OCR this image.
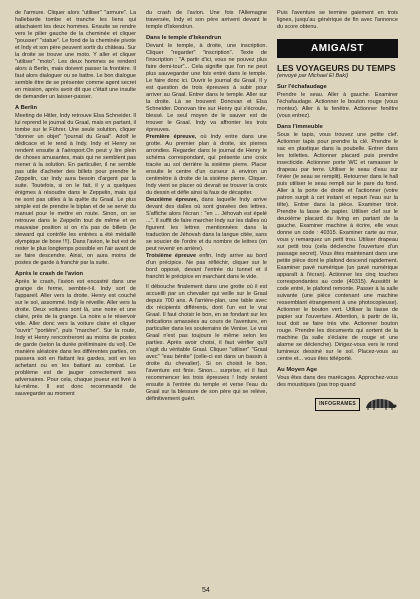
de l'armure. Cliquer alors "utiliser" "armure". La hallebarde tombe et tranche les liens qui attachaient les deux hommes. Ensuite se rendre vers le pilier gauche de la cheminée et cliquer "pousser" "statue". Le fond de la cheminée pivote et Indy et son père peuvent sortir du château. Sur la droite se trouve une moto. Y aller et cliquer "utiliser" "moto". Les deux hommes se rendent alors à Berlin, mais doivent passer la frontière. Il faut alors dialoguer ou se battre. Le bon dialogue semble être de se présenter comme agent secret en mission, après avoir dit que c'était une insulte de demander un laisser-passer.

A Berlin

Meeting de Hitler, Indy retrouve Elsa Schneider. Il lui reprend le journal du Graal, mais en partant, il tombe sur le Führer. Une seule solution, cliquer "donner un objet" "journal du Graal". Adolf le dédicace et le rend à Indy. Indy et Henry se rendent ensuite à l'aéroport.On peut y lire plein de choses amusantes, mais qui ne semblent pas mener à la solution. En particulier, il ne semble pas utile d'acheter des billets pour prendre le Zeppelin, car Indy aura besoin d'argent par la suite. Toutefois, si on le fait, il y a quelques énigmes à résoudre dans le Zeppelin, mais qui ne sont pas utiles à la quête du Graal. Le plus simple est de prendre le biplan et de se servir du manuel pour le mettre en route. Sinon, on se retrouve dans le Zeppelin tout de même et en mauvaise position si on n'a pas de billets (le steward qui contrôle les entrées a été médaillé olympique de boxe !!!). Dans l'avion, le but est de rester le plus longtemps possible en l'air avant de se faire descendre. Ainsi, on aura moins de postes de garde à franchir par la suite.

Après le crash de l'avion

Après le crash, l'avion est encastré dans une grange de ferme, sembte-t-il. Indy sort de l'appareil. Aller vers la droite. Henry est couché sur le sol, assommé. Indy le réveille. Aller vers la droite. Deux voitures sont là, une noire et une claire, près de la grange. La noire a le réservoir vide. Aller donc vers la voiture claire et cliquer "ouvrir" "portière", puis "marcher". Sur la route, Indy et Henry rencontreront au moins de postes de garde (selon la durée préliminaire du vol). De manière aléatoire dans les différentes parties, on passera soit en flattant les gardes, soit en les achetant ou en les battant au combat. Le problème est de jauger correctement ses adversaires. Pour cela, chaque joueur est livré à lui-même. Il est donc recommandé de sauvegarder au moment

du crash de l'avion. Une fois l'Allemagne traversée, Indy et son père arrivent devant le temple d'Iskendrun.

Dans le temple d'Iskendrun

Devant le temple, à droite, une inscription. Cliquer "regarder" "inscription". Texte de l'inscription : "A partir d'ici, vous ne pouvez plus faire demi-tour"... Cela signifie que l'on ne peut plus sauvegarder une fois entré dans le temple. Le faire donc ici. Ouvrir le journal du Graal. Il y est question de trois épreuves à subir pour arriver au Graal. Entrer dans le temple. Aller sur la droite. Là se trouvent Donovan et Elsa Schneider. Donovan tire sur Henry qui s'écroule, blessé. Le seul moyen de le sauver est de trouver le Graal. Indy va affronter les trois épreuves.

Première épreuve, où Indy entre dans une grotte. Au premier plan à droite, six pierres arrondies. Regarder dans le journal de Henry le schéma correspondant, qui présente une croix tracée au sol derrière la sixième pierre. Placer ensuite le centre d'un curseur à environ un centimètre à droite de la sixième pierre. Cliquer. Indy vient se placer où devrait se trouver la croix du dessin et défie ainsi la faux de décapiter.

Deuxième épreuve, dans laquelle Indy arrive devant des dalles où sont gravées des lettres. S'affiche alors l'écran : "en ... Jéhovah est épelé ...". Il suffit de faire marcher Indy sur les dalles où figurent les lettres mentionnées dans la traduction de Jéhovah dans la langue citée, sans se soucier de l'ordre et du nombre de lettres (on peut revenir en arrière).

Troisième épreuve enfin, Indy arrive au bord d'un précipice. Ne pas réfléchir, cliquer sur le bord opposé, devant l'entrée du tunnel et il franchit le précipice en marchant dans le vide.

Il débouche finalement dans une grotte où il est accueilli par un chevalier qui veille sur le Graal depuis 700 ans. A l'arrière-plan, une table avec dix récipients différents, dont l'un est le vrai Graal. Il faut choisir le bon, en se fondant sur les indications amassées au cours de l'aventure, en particulier dans les souterrains de Venise. Le vrai Graal n'est pas toujours le même selon les parties. Après avoir choisi, il faut vérifier qu'il s'agit du véritable Graal. Cliquer "utiliser" "Graal avec" "eau bénite" (celle-ci est dans un bassin à droite du chevalier). Si on choisit le bon, l'aventure est finie. Sinon... surprise, et il faut recommencer les trois épreuves ! Indy revient ensuite à l'entrée du temple et verse l'eau du Graal sur la blessure de son père qui se relève, définitivement guéri.

Puis l'aventure se termine gaiement en trois lignes, jusqu'au générique de fin avec l'annonce du score obtenu.

AMIGA/ST

LES VOYAGEURS DU TEMPS

(envoyé par Michael El Baki)

Sur l'échafaudage

Prendre le seau. Aller à gauche. Examiner l'échafaudage. Actionner le bouton rouge (vous montez). Aller à la fenêtre. Actionner fenêtre (vous entrez).

Dans l'immeuble

Sous le tapis, vous trouvez une petite clef. Actionner tapis pour prendre la clé. Prendre le sac en plastique dans la poubelle. Entrer dans les toilettes. Actionner placard puis prendre insecticide. Actionner porte WC et ramasser le drapeau par terre. Utiliser le seau d'eau sur l'évier (le seau se remplit). Retourner dans le hall puis utiliser le seau rempli sur le pare du fond. Aller à la porte de droite et l'actionner (votre patron surgit à cet instant et repart l'eau sur la tête). Entrer dans la pièce. Examiner tiroir. Prendre la lasse de papier. Utiliser clef sur le deuxième placard du living en partant de la gauche. Examiner machine à écrire, elle vous donne un code : 40315. Examiner carte au mur, vous y remarquez un petit trou. Utiliser drapeau sur petit trou (cela déclenche l'ouverture d'un passage secret). Vous êtes maintenant dans une petite pièce dont le plafond descend rapidement. Examiner pavé numérique (un pavé numérique apparaît à l'écran). Actionner les cinq touches correspondantes au code (40315). Aussitôt le code entré, le plafond remonte. Passer à la salle suivante (une pièce contenant une machine ressemblant étrangement à une photocopieuse). Actionner le bouton vert. Utiliser la liasse de papier sur l'ouverture. Attention, à partir de là, tout doit se faire très vite. Actionner bouton rouge. Prendre les documents qui sortent de la machine (la salle s'éclaire de rouge et une alarme se déclenche). Dirigez-vous vers le rond lumineux dessiné sur le sol. Placez-vous au centre et... vous êtes téléporté.

Au Moyen Age

Vous êtes dans des marécages. Approchez-vous des moustiques (pas trop quand

INFOGRAMES
54
